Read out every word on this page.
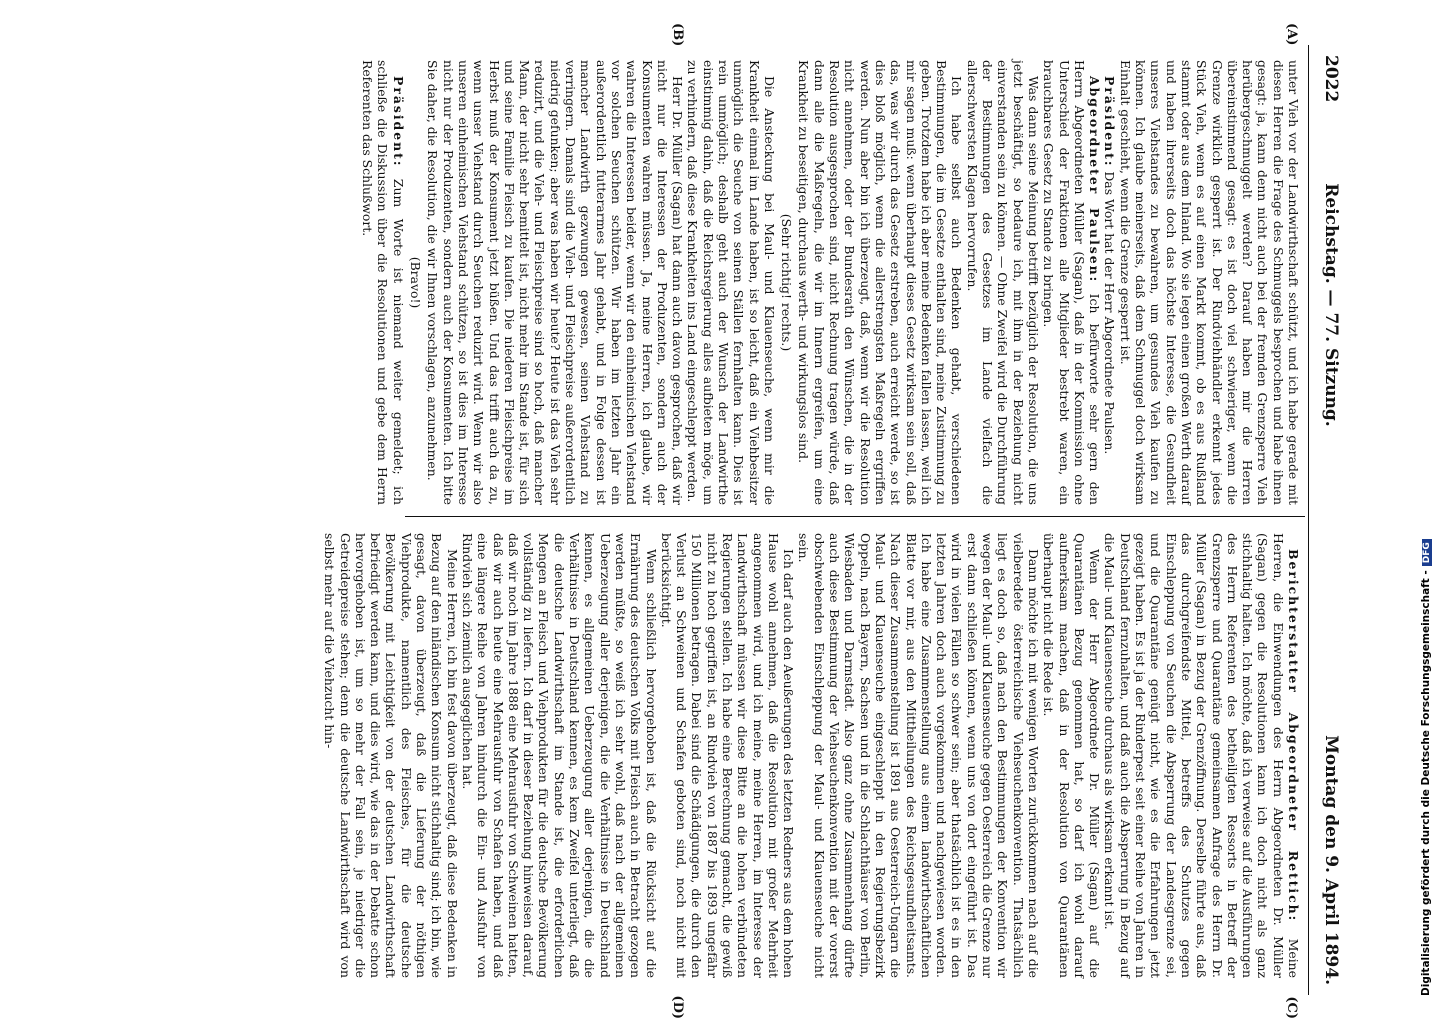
2022
Reichstag. — 77. Sitzung.
Montag den 9. April 1894.
(A)
(B)
(C)
(D)

unter Vieh vor der Landwirthschaft schützt, und ich habe gerade mit diesen Herren die Frage des Schmuggels besprochen und habe ihnen gesagt: ja, kann denn nicht auch bei der fremden Grenzsperre Vieh herübergeschmuggelt werden? Darauf haben mir die Herren übereinstimmend gesagt: es ist doch viel schwieriger, wenn die Grenze wirklich gesperrt ist. Der Rindviehhändler erkennt jedes Stück Vieh, wenn es auf einen Markt kommt, ob es aus Rußland stammt oder aus dem Inland. Wo sie legen einen großen Werth darauf und haben ihrerseits doch das höchste Interesse, die Gesundheit unseres Viehstandes zu bewahren, um gesundes Vieh kaufen zu können. Ich glaube meinerseits, daß dem Schmuggel doch wirksam Einhalt geschieht, wenn die Grenze gesperrt ist.

Präsident: Das Wort hat der Herr Abgeordnete Paulsen.

Abgeordneter Paulsen: Ich befürworte sehr gern den Herrn Abgeordneten Müller (Sagan), daß in der Kommission ohne Unterschied der Fraktionen alle Mitglieder bestrebt waren, ein brauchbares Gesetz zu Stande zu bringen.

Was dann seine Meinung betrifft bezüglich der Resolution, die uns jetzt beschäftigt, so bedaure ich, mit ihm in der Beziehung nicht einverstanden sein zu können. — Ohne Zweifel wird die Durchführung der Bestimmungen des Gesetzes im Lande vielfach die allerschwersten Klagen hervorrufen.

Ich habe selbst auch Bedenken gehabt, verschiedenen Bestimmungen, die im Gesetze enthalten sind, meine Zustimmung zu geben. Trotzdem habe ich aber meine Bedenken fallen lassen, weil ich mir sagen muß: wenn überhaupt dieses Gesetz wirksam sein soll, daß das, was wir durch das Gesetz erstreben, auch erreicht werde, so ist dies bloß möglich, wenn die allerstrengsten Maßregeln ergriffen werden. Nun aber bin ich überzeugt, daß, wenn wir die Resolution nicht annehmen, oder der Bundesrath den Wünschen, die in der Resolution ausgesprochen sind, nicht Rechnung tragen würde, daß dann alle die Maßregeln, die wir im Innern ergreifen, um eine Krankheit zu beseitigen, durchaus werth- und wirkungslos sind.

(Sehr richtig! rechts.)

Die Ansteckung bei Maul- und Klauenseuche, wenn mir die Krankheit einmal im Lande haben, ist so leicht, daß ein Viehbesitzer unmöglich die Seuche von seinen Ställen fernhalten kann. Dies ist rein unmöglich; deshalb geht auch der Wunsch der Landwirthe einstimmig dahin, daß die Reichsregierung alles aufbieten möge, um zu verhindern, daß diese Krankheiten ins Land eingeschleppt werden.

Herr Dr. Müller (Sagan) hat dann auch davon gesprochen, daß wir nicht nur die Interessen der Produzenten, sondern auch der Konsumenten wahren müssen. Ja, meine Herren, ich glaube, wir wahren die Interessen beider, wenn wir den einheimischen Viehstand vor solchen Seuchen schützen. Wir haben im letzten Jahr ein außerordentlich futterarmes Jahr gehabt, und in Folge dessen ist mancher Landwirth gezwungen gewesen, seinen Viehstand zu verringern. Damals sind die Vieh- und Fleischpreise außerordentlich niedrig gefunken; aber was haben wir heute? Heute ist das Vieh sehr reduzirt, und die Vieh- und Fleischpreise sind so hoch, daß mancher Mann, der nicht sehr bemittelt ist, nicht mehr im Stande ist, für sich und seine Familie Fleisch zu kaufen. Die niederen Fleischpreise im Herbst muß der Konsument jetzt büßen. Und das trifft auch da zu, wenn unser Viehstand durch Seuchen reduzirt wird. Wenn wir also unseren einheimischen Viehstand schützen, so ist dies im Interesse nicht nur der Produzenten, sondern auch der Konsumenten. Ich bitte Sie daher, die Resolution, die wir Ihnen vorschlagen, anzunehmen.

(Bravo!)

Präsident: Zum Worte ist niemand weiter gemeldet; ich schließe die Diskussion über die Resolutionen und gebe dem Herrn Referenten das Schlußwort.

Berichterstatter Abgeordneter Rettich: Meine Herren, die Einwendungen des Herrn Abgeordneten Dr. Müller (Sagan) gegen die Resolutionen kann ich doch nicht als ganz stichhaltig halten. Ich möchte, daß ich verweise auf die Ausführungen des Herrn Referenten des betheiligten Ressorts in Betreff der Grenzsperre und Quarantäne gemeinsamen Anfrage des Herrn Dr. Müller (Sagan) in Bezug der Grenzöffnung. Derselbe führte aus, daß das durchgreifendste Mittel, betreffs des Schutzes gegen Einschleppung von Seuchen die Absperrung der Landesgrenze sei, und die Quarantäne genügt nicht, wie es die Erfahrungen jetzt gezeigt haben. Es ist ja der Rinderpest seit einer Reihe von Jahren in Deutschland fernzuhalten, und daß auch die Absperrung in Bezug auf die Maul- und Klauenseuche durchaus als wirksam erkannt ist.

Wenn der Herr Abgeordnete Dr. Müller (Sagan) auf die Quarantänen Bezug genommen hat, so darf ich wohl darauf aufmerksam machen, daß in der Resolution von Quarantänen überhaupt nicht die Rede ist.

Dann möchte ich mit wenigen Worten zurückkommen nach auf die vielberedete österreichische Viehseuchenkonvention. Thatsächlich liegt es doch so, daß nach den Bestimmungen der Konvention wir wegen der Maul- und Klauenseuche gegen Oesterreich die Grenze nur erst dann schließen können, wenn uns von dort eingeführt ist. Das wird in vielen Fällen so schwer sein; aber thatsächlich ist es in den letzten Jahren doch auch vorgekommen und nachgewiesen worden. Ich habe eine Zusammenstellung aus einem landwirthschaftlichen Blatte vor mir, aus den Mittheilungen des Reichsgesundheitsamts. Nach dieser Zusammenstellung ist 1891 aus Oesterreich-Ungarn die Maul- und Klauenseuche eingeschleppt in den Regierungsbezirk Oppeln, nach Bayern, Sachsen und in die Schlachthäuser von Berlin, Wiesbaden und Darmstadt. Also ganz ohne Zusammenhang dürfte auch diese Bestimmung der Viehseuchenkonvention mit der vorerst obschwebenden Einschleppung der Maul- und Klauenseuche nicht sein.

Ich darf auch den Aeußerungen des letzten Redners aus dem hohen Hause wohl annehmen, daß die Resolution mit großer Mehrheit angenommen wird, und ich meine, meine Herren, im Interesse der Landwirthschaft müssen wir diese Bitte an die hohen verbündeten Regierungen stellen. Ich habe eine Berechnung gemacht, die gewiß nicht zu hoch gegriffen ist, an Rindvieh von 1887 bis 1893 ungefähr 150 Millionen betragen. Dabei sind die Schädigungen, die durch den Verlust an Schweinen und Schafen geboten sind, noch nicht mit berücksichtigt.

Wenn schließlich hervorgehoben ist, daß die Rücksicht auf die Ernährung des deutschen Volks mit Fleisch auch in Betracht gezogen werden müßte, so weiß ich sehr wohl, daß nach der allgemeinen Ueberzeugung aller derjenigen, die die Verhältnisse in Deutschland kennen, es allgemeinen Ueberzeugung aller derjenigen, die die Verhältnisse in Deutschland kennen, es kem Zweifel unterliegt, daß die deutsche Landwirthschaft im Stande ist, die erforderlichen Mengen an Fleisch und Viehprodukten für die deutsche Bevölkerung vollständig zu liefern. Ich darf in dieser Beziehung hinweisen darauf, daß wir noch im Jahre 1888 eine Mehrausfuhr von Schweinen hatten, daß wir auch heute eine Mehrausfuhr von Schafen haben, und daß eine längere Reihe von Jahren hindurch die Ein- und Ausfuhr von Rindvieh sich ziemlich ausgeglichen hat.

Meine Herren, ich bin fest davon überzeugt, daß diese Bedenken in Bezug auf den inländischen Konsum nicht stichhaltig sind; ich bin, wie gesagt, davon überzeugt, daß die Lieferung der nöthigen Viehprodukte, namentlich des Fleisches, für die deutsche Bevölkerung mit Leichtigkeit von der deutschen Landwirthschaft befriedigt werden kann, und dies wird, wie das in der Debatte schon hervorgehoben ist, um so mehr der Fall sein, je niedriger die Getreidepreise stehen; denn die deutsche Landwirthschaft wird von selbst mehr auf die Viehzucht hin-	Digitalisierung gefördert durch die Deutsche Forschungsgemeinschaft -DFG
